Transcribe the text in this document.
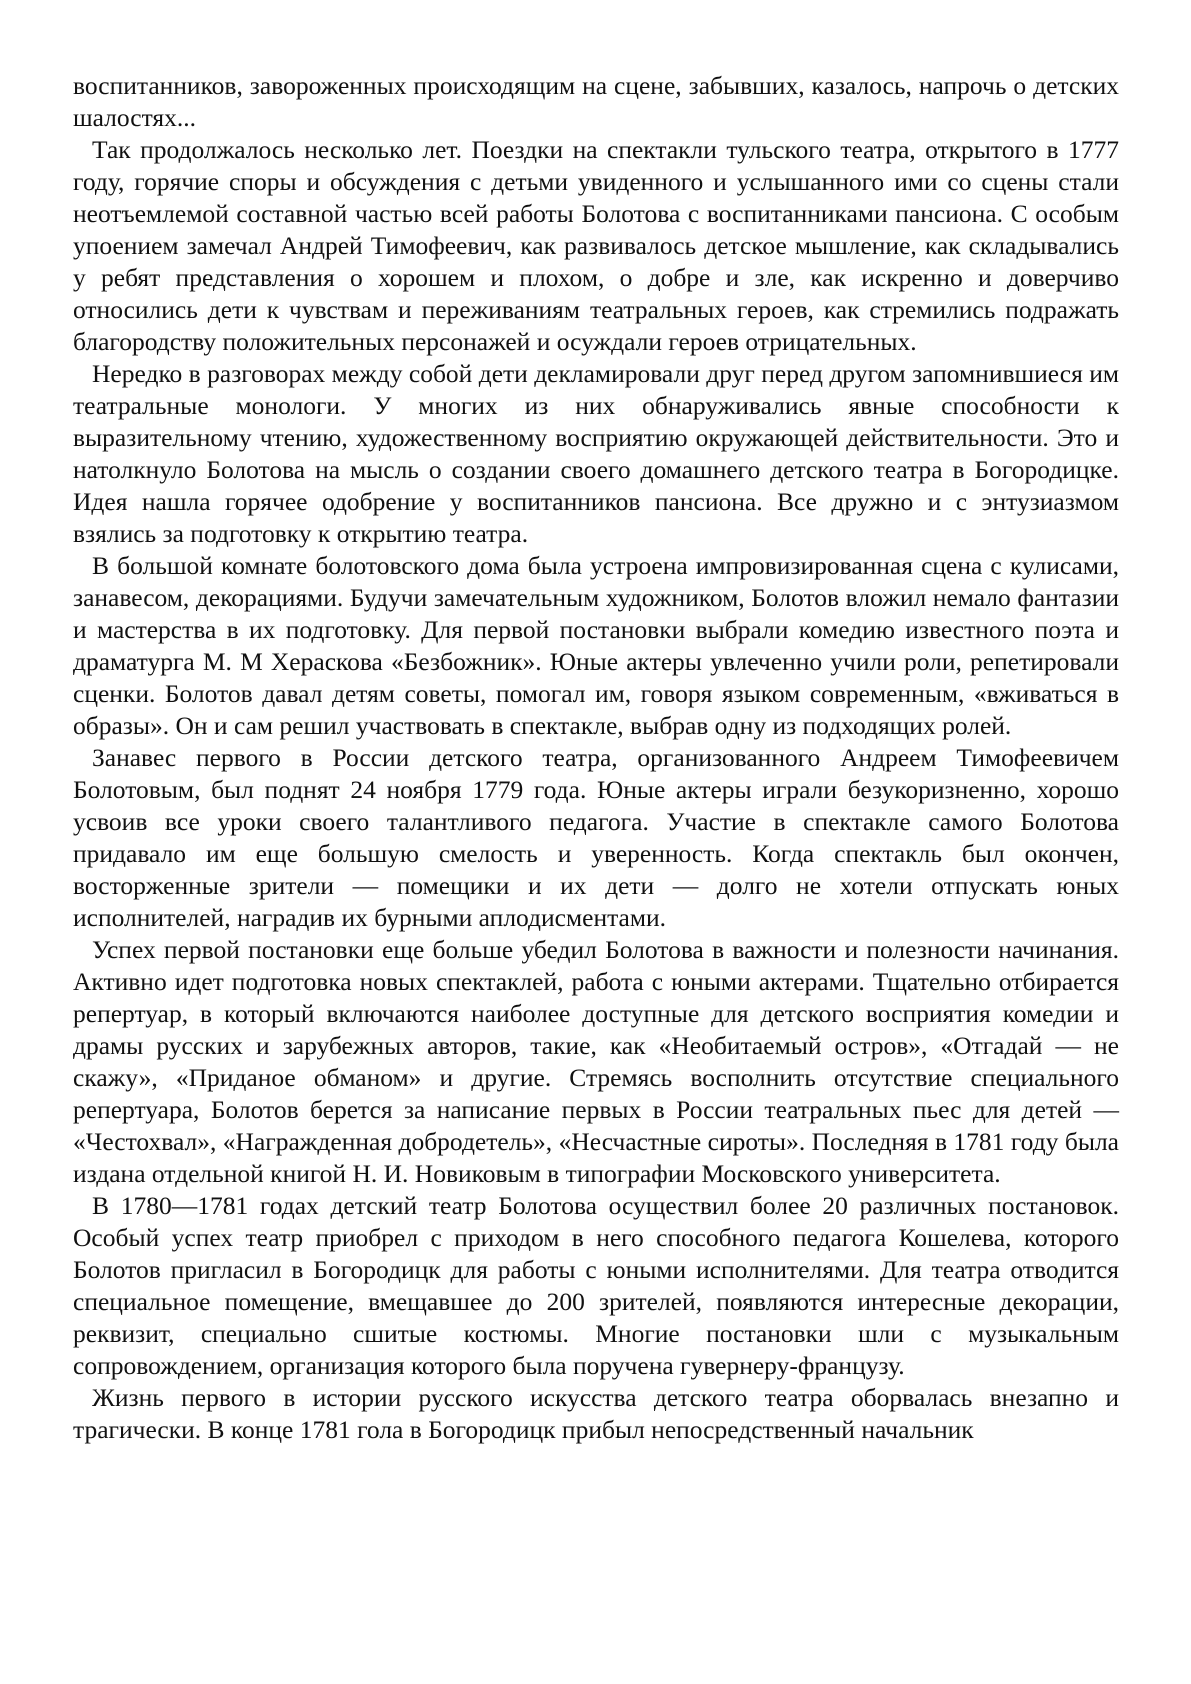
воспитанников, завороженных происходящим на сцене, забывших, казалось, напрочь о детских шалостях...

Так продолжалось несколько лет. Поездки на спектакли тульского театра, открытого в 1777 году, горячие споры и обсуждения с детьми увиденного и услышанного ими со сцены стали неотъемлемой составной частью всей работы Болотова с воспитанниками пансиона. С особым упоением замечал Андрей Тимофеевич, как развивалось детское мышление, как складывались у ребят представления о хорошем и плохом, о добре и зле, как искренно и доверчиво относились дети к чувствам и переживаниям театральных героев, как стремились подражать благородству положительных персонажей и осуждали героев отрицательных.

Нередко в разговорах между собой дети декламировали друг перед другом запомнившиеся им театральные монологи. У многих из них обнаруживались явные способности к выразительному чтению, художественному восприятию окружающей действительности. Это и натолкнуло Болотова на мысль о создании своего домашнего детского театра в Богородицке. Идея нашла горячее одобрение у воспитанников пансиона. Все дружно и с энтузиазмом взялись за подготовку к открытию театра.

В большой комнате болотовского дома была устроена импровизированная сцена с кулисами, занавесом, декорациями. Будучи замечательным художником, Болотов вложил немало фантазии и мастерства в их подготовку. Для первой постановки выбрали комедию известного поэта и драматурга М. М Хераскова «Безбожник». Юные актеры увлеченно учили роли, репетировали сценки. Болотов давал детям советы, помогал им, говоря языком современным, «вживаться в образы». Он и сам решил участвовать в спектакле, выбрав одну из подходящих ролей.

Занавес первого в России детского театра, организованного Андреем Тимофеевичем Болотовым, был поднят 24 ноября 1779 года. Юные актеры играли безукоризненно, хорошо усвоив все уроки своего талантливого педагога. Участие в спектакле самого Болотова придавало им еще большую смелость и уверенность. Когда спектакль был окончен, восторженные зрители — помещики и их дети — долго не хотели отпускать юных исполнителей, наградив их бурными аплодисментами.

Успех первой постановки еще больше убедил Болотова в важности и полезности начинания. Активно идет подготовка новых спектаклей, работа с юными актерами. Тщательно отбирается репертуар, в который включаются наиболее доступные для детского восприятия комедии и драмы русских и зарубежных авторов, такие, как «Необитаемый остров», «Отгадай — не скажу», «Приданое обманом» и другие. Стремясь восполнить отсутствие специального репертуара, Болотов берется за написание первых в России театральных пьес для детей — «Честохвал», «Награжденная добродетель», «Несчастные сироты». Последняя в 1781 году была издана отдельной книгой Н. И. Новиковым в типографии Московского университета.

В 1780—1781 годах детский театр Болотова осуществил более 20 различных постановок. Особый успех театр приобрел с приходом в него способного педагога Кошелева, которого Болотов пригласил в Богородицк для работы с юными исполнителями. Для театра отводится специальное помещение, вмещавшее до 200 зрителей, появляются интересные декорации, реквизит, специально сшитые костюмы. Многие постановки шли с музыкальным сопровождением, организация которого была поручена гувернеру-французу.

Жизнь первого в истории русского искусства детского театра оборвалась внезапно и трагически. В конце 1781 гола в Богородицк прибыл непосредственный начальник
